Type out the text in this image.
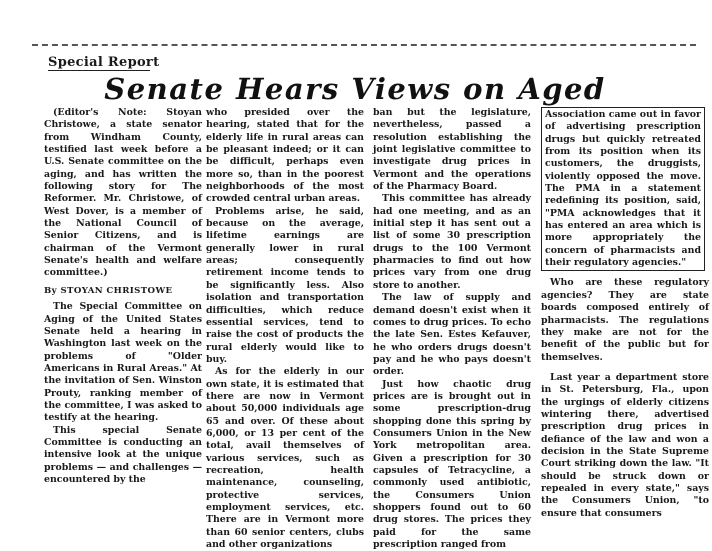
Special Report
Senate Hears Views on Aged

(Editor's Note: Stoyan Christowe, a state senator from Windham County, testified last week before a U.S. Senate committee on the aging, and has written the following story for The Reformer. Mr. Christowe, of West Dover, is a member of the National Council of Senior Citizens, and is chairman of the Vermont Senate's health and welfare committee.)

By STOYAN CHRISTOWE

The Special Committee on Aging of the United States Senate held a hearing in Washington last week on the problems of "Older Americans in Rural Areas." At the invitation of Sen. Winston Prouty, ranking member of the committee, I was asked to testify at the hearing.

This special Senate Committee is conducting an intensive look at the unique problems — and challenges — encountered by the

who presided over the hearing, stated that for the elderly life in rural areas can be pleasant indeed; or it can be difficult, perhaps even more so, than in the poorest neighborhoods of the most crowded central urban areas.

Problems arise, he said, because on the average, lifetime earnings are generally lower in rural areas; consequently retirement income tends to be significantly less. Also isolation and transportation difficulties, which reduce essential services, tend to raise the cost of products the rural elderly would like to buy.

As for the elderly in our own state, it is estimated that there are now in Vermont about 50,000 individuals age 65 and over. Of these about 6,000, or 13 per cent of the total, avail themselves of various services, such as recreation, health maintenance, counseling, protective services, employment services, etc. There are in Vermont more than 60 senior centers, clubs and other organizations

ban but the legislature, nevertheless, passed a resolution establishing the joint legislative committee to investigate drug prices in Vermont and the operations of the Pharmacy Board.

This committee has already had one meeting, and as an initial step it has sent out a list of some 30 prescription drugs to the 100 Vermont pharmacies to find out how prices vary from one drug store to another.

The law of supply and demand doesn't exist when it comes to drug prices. To echo the late Sen. Estes Kefauver, he who orders drugs doesn't pay and he who pays doesn't order.

Just how chaotic drug prices are is brought out in some prescription-drug shopping done this spring by Consumers Union in the New York metropolitan area. Given a prescription for 30 capsules of Tetracycline, a commonly used antibiotic, the Consumers Union shoppers found out to 60 drug stores. The prices they paid for the same prescription ranged from

Association came out in favor of advertising prescription drugs but quickly retreated from its position when its customers, the druggists, violently opposed the move. The PMA in a statement redefining its position, said, "PMA acknowledges that it has entered an area which is more appropriately the concern of pharmacists and their regulatory agencies."

Who are these regulatory agencies? They are state boards composed entirely of pharmacists. The regulations they make are not for the benefit of the public but for themselves.

Last year a department store in St. Petersburg, Fla., upon the urgings of elderly citizens wintering there, advertised prescription drug prices in defiance of the law and won a decision in the State Supreme Court striking down the law. "It should be struck down or repealed in every state," says the Consumers Union, "to ensure that consumers
